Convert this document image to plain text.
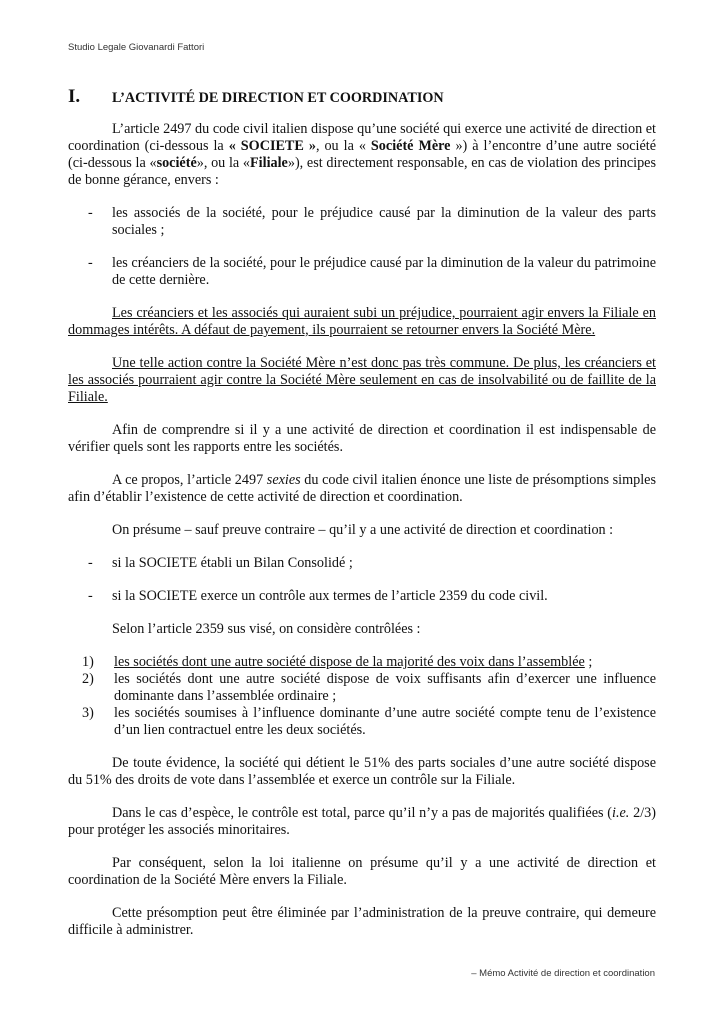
Studio Legale Giovanardi Fattori
I.	L’ACTIVITÉ DE DIRECTION ET COORDINATION

L’article 2497 du code civil italien dispose qu’une société qui exerce une activité de direction et coordination (ci-dessous la « SOCIETE », ou la « Société Mère ») à l’encontre d’une autre société (ci-dessous la «société», ou la «Filiale»), est directement responsable, en cas de violation des principes de bonne gérance, envers :

-	les associés de la société, pour le préjudice causé par la diminution de la valeur des parts sociales ;
-	les créanciers de la société, pour le préjudice causé par la diminution de la valeur du patrimoine de cette dernière.

Les créanciers et les associés qui auraient subi un préjudice, pourraient agir envers la Filiale en dommages intérêts. A défaut de payement, ils pourraient se retourner envers la Société Mère.

Une telle action contre la Société Mère n’est donc pas très commune. De plus, les créanciers et les associés pourraient agir contre la Société Mère seulement en cas de insolvabilité ou de faillite de la Filiale.

Afin de comprendre si il y a une activité de direction et coordination il est indispensable de vérifier quels sont les rapports entre les sociétés.

A ce propos, l’article 2497 sexies du code civil italien énonce une liste de présomptions simples afin d’établir l’existence de cette activité de direction et coordination.

On présume – sauf preuve contraire – qu’il y a une activité de direction et coordination :

-	si la SOCIETE établi un Bilan Consolidé ;
-	si la SOCIETE exerce un contrôle aux termes de l’article 2359 du code civil.

Selon l’article 2359 sus visé, on considère contrôlées :

1)	les sociétés dont une autre société dispose de la majorité des voix dans l’assemblée ;
2)	les sociétés dont une autre société dispose de voix suffisants afin d’exercer une influence dominante dans l’assemblée ordinaire ;
3)	les sociétés soumises à l’influence dominante d’une autre société compte tenu de l’existence d’un lien contractuel entre les deux sociétés.

De toute évidence, la société qui détient le 51% des parts sociales d’une autre société dispose du 51% des droits de vote dans l’assemblée et exerce un contrôle sur la Filiale.

Dans le cas d’espèce, le contrôle est total, parce qu’il n’y a pas de majorités qualifiées (i.e. 2/3) pour protéger les associés minoritaires.

Par conséquent, selon la loi italienne on présume qu’il y a une activité de direction et coordination de la Société Mère envers la Filiale.

Cette présomption peut être éliminée par l’administration de la preuve contraire, qui demeure difficile à administrer.

– Mémo Activité de direction et coordination
